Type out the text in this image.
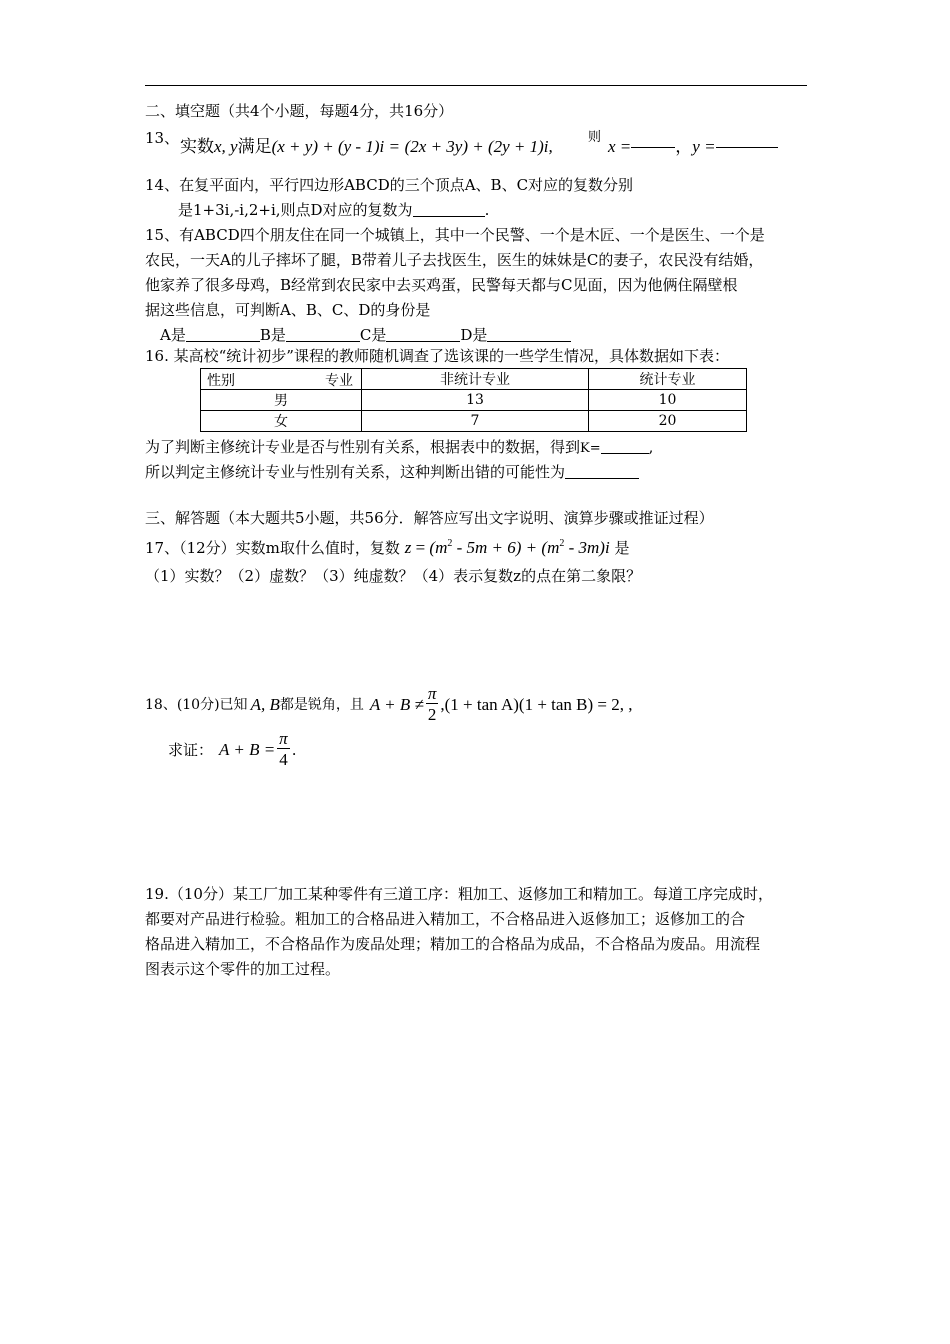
二、填空题（共4个小题，每题4分，共16分）
13、 实数x, y满足(x + y) + (y - 1)i = (2x + 3y) + (2y + 1)i,	则 x =	，y =
14、在复平面内，平行四边形ABCD的三个顶点A、B、C对应的复数分别
是1+3i,-i,2+i,则点D对应的复数为	.
15、有ABCD四个朋友住在同一个城镇上，其中一个民警、一个是木匠、一个是医生、一个是
农民，一天A的儿子摔坏了腿，B带着儿子去找医生，医生的妹妹是C的妻子，农民没有结婚，
他家养了很多母鸡，B经常到农民家中去买鸡蛋，民警每天都与C见面，因为他俩住隔壁根
据这些信息，可判断A、B、C、D的身份是
A是	B是	C是	D是
16. 某高校“统计初步”课程的教师随机调查了选该课的一些学生情况，具体数据如下表：
性别 专业	非统计专业	统计专业
男	13	10
女	7	20
为了判断主修统计专业是否与性别有关系，根据表中的数据，得到K=	,
所以判定主修统计专业与性别有关系，这种判断出错的可能性为
三、解答题（本大题共5小题，共56分．解答应写出文字说明、演算步骤或推证过程）
17、（12分）实数m取什么值时，复数 $z = (m^2 - 5m + 6) + (m^2 - 3m)i$ 是
（1）实数？（2）虚数？（3）纯虚数？（4）表示复数z的点在第二象限？
18、(10分)已知 A, B 都是锐角，且 $A + B \ne \frac{\pi}{2} ,(1 + \tan A)(1 + \tan B) = 2$, ,
求证： $A + B = \frac{\pi}{4}$ .
19.（10分）某工厂加工某种零件有三道工序：粗加工、返修加工和精加工。每道工序完成时，
都要对产品进行检验。粗加工的合格品进入精加工，不合格品进入返修加工；返修加工的合
格品进入精加工，不合格品作为废品处理；精加工的合格品为成品，不合格品为废品。用流程
图表示这个零件的加工过程。
